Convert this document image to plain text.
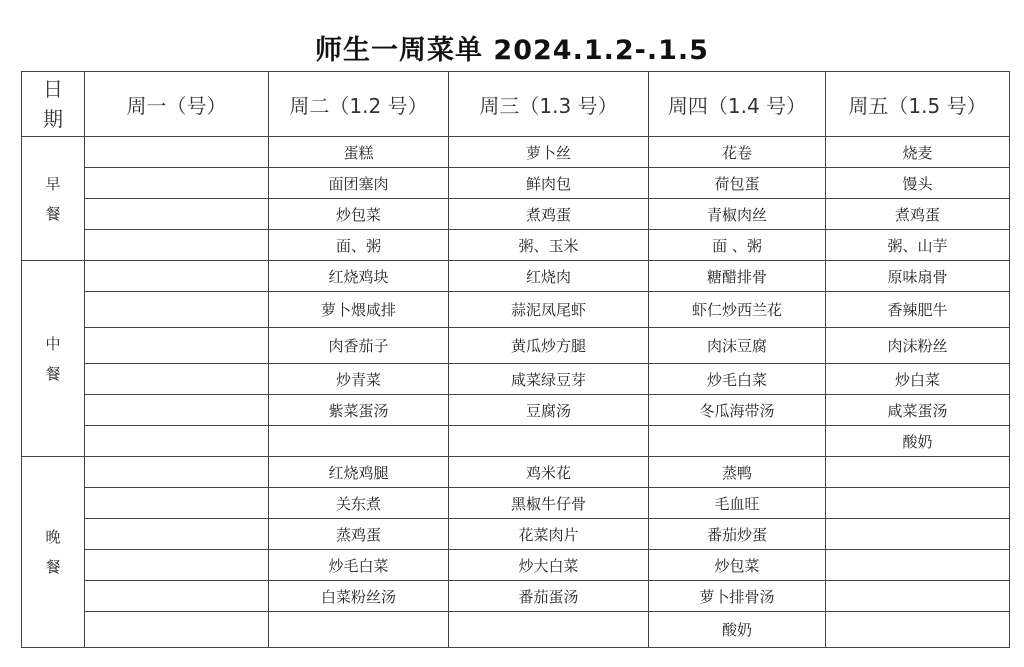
师生一周菜单 2024.1.2-.1.5
日
期	周一（号）	周二（1.2 号）	周三（1.3 号）	周四（1.4 号）	周五（1.5 号）

早
餐		蛋糕	萝卜丝	花卷	烧麦
		面团塞肉	鲜肉包	荷包蛋	馒头
		炒包菜	煮鸡蛋	青椒肉丝	煮鸡蛋
		面、粥	粥、玉米	面 、粥	粥、山芋

中
餐		红烧鸡块	红烧肉	糖醋排骨	原味扇骨
		萝卜煨咸排	蒜泥凤尾虾	虾仁炒西兰花	香辣肥牛
		肉香茄子	黄瓜炒方腿	肉沫豆腐	肉沫粉丝
		炒青菜	咸菜绿豆芽	炒毛白菜	炒白菜
		紫菜蛋汤	豆腐汤	冬瓜海带汤	咸菜蛋汤
					酸奶

晚
餐		红烧鸡腿	鸡米花	蒸鸭	
		关东煮	黑椒牛仔骨	毛血旺	
		蒸鸡蛋	花菜肉片	番茄炒蛋	
		炒毛白菜	炒大白菜	炒包菜	
		白菜粉丝汤	番茄蛋汤	萝卜排骨汤	
				酸奶	
